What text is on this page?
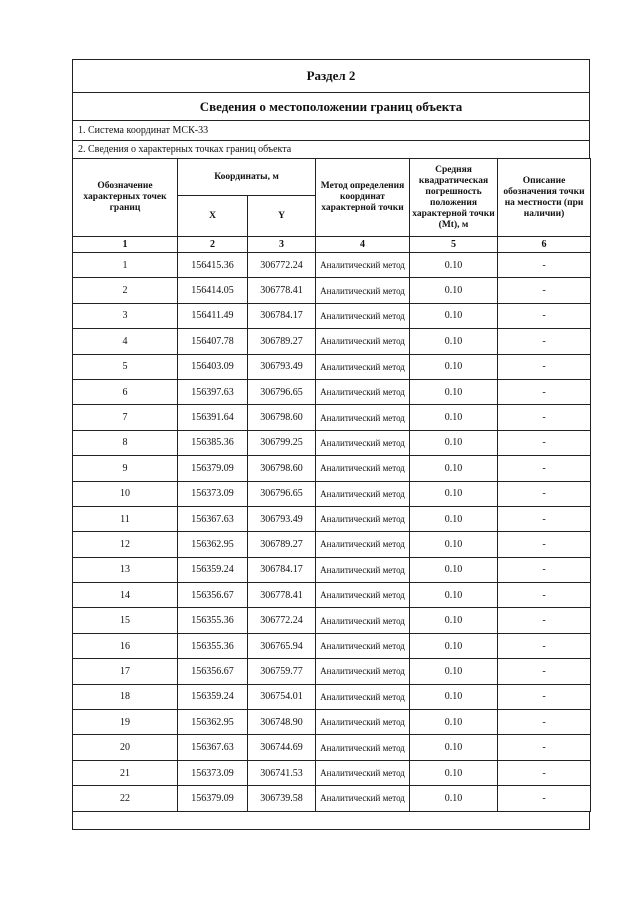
Раздел 2
Сведения о местоположении границ объекта
1. Система координат МСК-33
2. Сведения о характерных точках границ объекта
Обозначение характерных точек границ	Координаты, м		Метод определения координат характерной точки	Средняя квадратическая погрешность положения характерной точки (Mt), м	Описание обозначения точки на местности (при наличии)
	X	Y			
1	2	3	4	5	6
1	156415.36	306772.24	Аналитический метод	0.10	-
2	156414.05	306778.41	Аналитический метод	0.10	-
3	156411.49	306784.17	Аналитический метод	0.10	-
4	156407.78	306789.27	Аналитический метод	0.10	-
5	156403.09	306793.49	Аналитический метод	0.10	-
6	156397.63	306796.65	Аналитический метод	0.10	-
7	156391.64	306798.60	Аналитический метод	0.10	-
8	156385.36	306799.25	Аналитический метод	0.10	-
9	156379.09	306798.60	Аналитический метод	0.10	-
10	156373.09	306796.65	Аналитический метод	0.10	-
11	156367.63	306793.49	Аналитический метод	0.10	-
12	156362.95	306789.27	Аналитический метод	0.10	-
13	156359.24	306784.17	Аналитический метод	0.10	-
14	156356.67	306778.41	Аналитический метод	0.10	-
15	156355.36	306772.24	Аналитический метод	0.10	-
16	156355.36	306765.94	Аналитический метод	0.10	-
17	156356.67	306759.77	Аналитический метод	0.10	-
18	156359.24	306754.01	Аналитический метод	0.10	-
19	156362.95	306748.90	Аналитический метод	0.10	-
20	156367.63	306744.69	Аналитический метод	0.10	-
21	156373.09	306741.53	Аналитический метод	0.10	-
22	156379.09	306739.58	Аналитический метод	0.10	-
